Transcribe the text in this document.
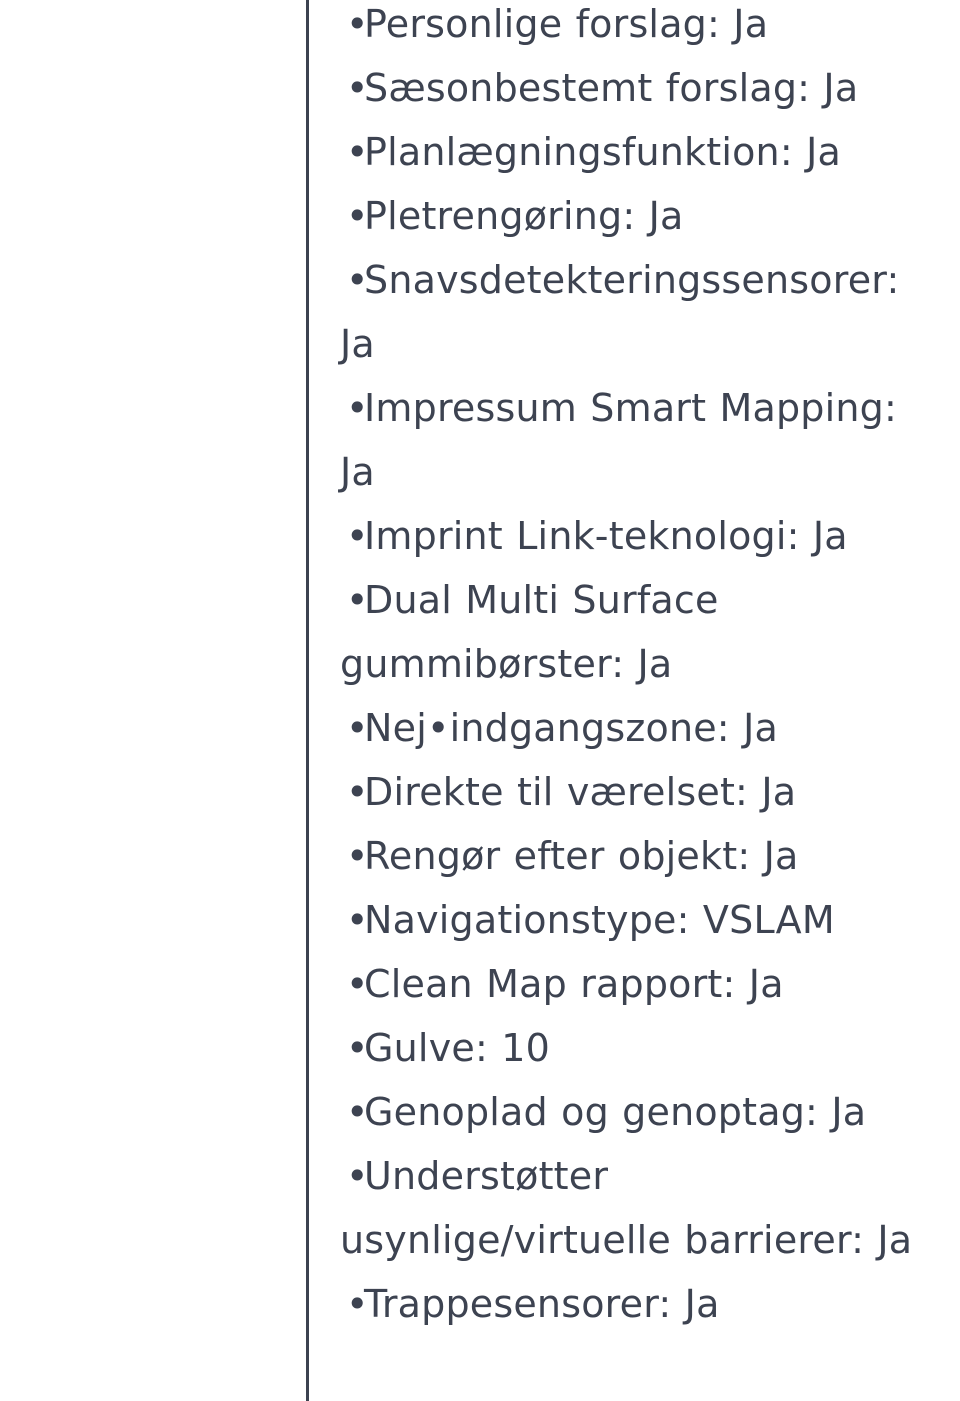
•Personlige forslag: Ja
•Sæsonbestemt forslag: Ja
•Planlægningsfunktion: Ja
•Pletrengøring: Ja
•Snavsdetekteringssensorer: Ja
•Impressum Smart Mapping: Ja
•Imprint Link-teknologi: Ja
•Dual Multi Surface gummibørster: Ja
•Nej•indgangszone: Ja
•Direkte til værelset: Ja
•Rengør efter objekt: Ja
•Navigationstype: VSLAM
•Clean Map rapport: Ja
•Gulve: 10
•Genoplad og genoptag: Ja
•Understøtter usynlige/virtuelle barrierer: Ja
•Trappesensorer: Ja
